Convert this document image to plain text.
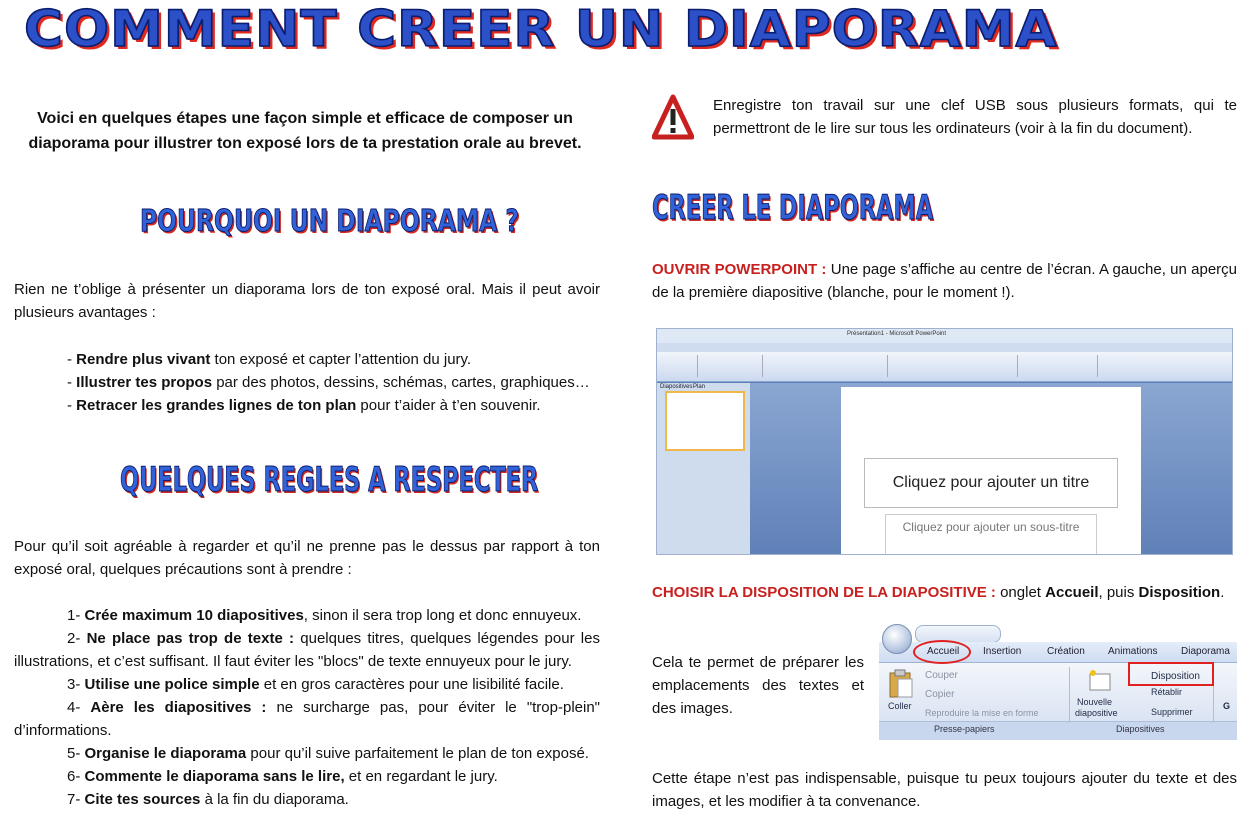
COMMENT CREER UN DIAPORAMA
Voici en quelques étapes une façon simple et efficace de composer un diaporama pour illustrer ton exposé lors de ta prestation orale au brevet.
POURQUOI UN DIAPORAMA ?
Rien ne t’oblige à présenter un diaporama lors de ton exposé oral. Mais il peut avoir plusieurs avantages :
- Rendre plus vivant ton exposé et capter l’attention du jury.
- Illustrer tes propos par des photos, dessins, schémas, cartes, graphiques…
- Retracer les grandes lignes de ton plan pour t’aider à t’en souvenir.
QUELQUES REGLES A RESPECTER
Pour qu’il soit agréable à regarder et qu’il ne prenne pas le dessus par rapport à ton exposé oral, quelques précautions sont à prendre :
1- Crée maximum 10 diapositives, sinon il sera trop long et donc ennuyeux.
2- Ne place pas trop de texte : quelques titres, quelques légendes pour les illustrations, et c’est suffisant. Il faut éviter les "blocs" de texte ennuyeux pour le jury.
3- Utilise une police simple et en gros caractères pour une lisibilité facile.
4- Aère les diapositives : ne surcharge pas, pour éviter le "trop-plein" d’informations.
5- Organise le diaporama pour qu’il suive parfaitement le plan de ton exposé.
6- Commente le diaporama sans le lire, et en regardant le jury.
7- Cite tes sources à la fin du diaporama.
Enregistre ton travail sur une clef USB sous plusieurs formats, qui te permettront de le lire sur tous les ordinateurs (voir à la fin du document).
CREER LE DIAPORAMA
OUVRIR POWERPOINT : Une page s’affiche au centre de l’écran. A gauche, un aperçu de la première diapositive (blanche, pour le moment !).
Présentation1 - Microsoft PowerPoint
Diapositives Plan
Cliquez pour ajouter un titre
Cliquez pour ajouter un sous-titre
CHOISIR LA DISPOSITION DE LA DIAPOSITIVE : onglet Accueil, puis Disposition.
Cela te permet de préparer les emplacements des textes et des images.
Accueil Insertion	Création Animations Diaporama
Coller
Couper
Copier
Reproduire la mise en forme
Nouvelle
diapositive
Disposition
Rétablir
Supprimer
G
Presse-papiers	Diapositives
Cette étape n’est pas indispensable, puisque tu peux toujours ajouter du texte et des images, et les modifier à ta convenance.
